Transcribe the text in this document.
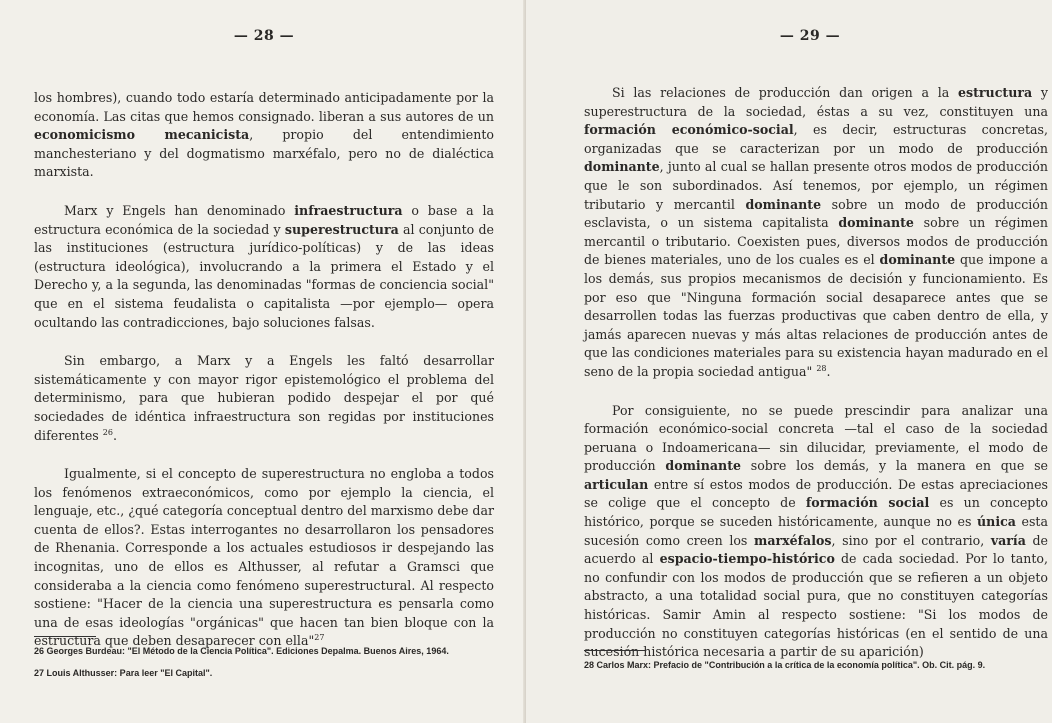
— 28 —

los hombres), cuando todo estaría determinado anticipadamente por la economía. Las citas que hemos consignado. liberan a sus autores de un economicismo mecanicista, propio del entendimiento manchesteriano y del dogmatismo marxéfalo, pero no de dialéctica marxista.

Marx y Engels han denominado infraestructura o base a la estructura económica de la sociedad y superestructura al conjunto de las instituciones (estructura jurídico-políticas) y de las ideas (estructura ideológica), involucrando a la primera el Estado y el Derecho y, a la segunda, las denominadas "formas de conciencia social" que en el sistema feudalista o capitalista —por ejemplo— opera ocultando las contradicciones, bajo soluciones falsas.

Sin embargo, a Marx y a Engels les faltó desarrollar sistemáticamente y con mayor rigor epistemológico el problema del determinismo, para que hubieran podido despejar el por qué sociedades de idéntica infraestructura son regidas por instituciones diferentes $^{26}$.

Igualmente, si el concepto de superestructura no engloba a todos los fenómenos extraeconómicos, como por ejemplo la ciencia, el lenguaje, etc., ¿qué categoría conceptual dentro del marxismo debe dar cuenta de ellos?. Estas interrogantes no desarrollaron los pensadores de Rhenania. Corresponde a los actuales estudiosos ir despejando las incognitas, uno de ellos es Althusser, al refutar a Gramsci que consideraba a la ciencia como fenómeno superestructural. Al respecto sostiene: "Hacer de la ciencia una superestructura es pensarla como una de esas ideologías "orgánicas" que hacen tan bien bloque con la estructura que deben desaparecer con ella"$^{27}$

26 Georges Burdeau: "El Método de la Ciencia Política". Ediciones Depalma. Buenos Aires, 1964.

27 Louis Althusser: Para leer "El Capital".

— 29 —

Si las relaciones de producción dan origen a la estructura y superestructura de la sociedad, éstas a su vez, constituyen una formación económico-social, es decir, estructuras concretas, organizadas que se caracterizan por un modo de producción dominante, junto al cual se hallan presente otros modos de producción que le son subordinados. Así tenemos, por ejemplo, un régimen tributario y mercantil dominante sobre un modo de producción esclavista, o un sistema capitalista dominante sobre un régimen mercantil o tributario. Coexisten pues, diversos modos de producción de bienes materiales, uno de los cuales es el dominante que impone a los demás, sus propios mecanismos de decisión y funcionamiento. Es por eso que "Ninguna formación social desaparece antes que se desarrollen todas las fuerzas productivas que caben dentro de ella, y jamás aparecen nuevas y más altas relaciones de producción antes de que las condiciones materiales para su existencia hayan madurado en el seno de la propia sociedad antigua" $^{28}$.

Por consiguiente, no se puede prescindir para analizar una formación económico-social concreta —tal el caso de la sociedad peruana o Indoamericana— sin dilucidar, previamente, el modo de producción dominante sobre los demás, y la manera en que se articulan entre sí estos modos de producción. De estas apreciaciones se colige que el concepto de formación social es un concepto histórico, porque se suceden históricamente, aunque no es única esta sucesión como creen los marxéfalos, sino por el contrario, varía de acuerdo al espacio-tiempo-histórico de cada sociedad. Por lo tanto, no confundir con los modos de producción que se refieren a un objeto abstracto, a una totalidad social pura, que no constituyen categorías históricas. Samir Amin al respecto sostiene: "Si los modos de producción no constituyen categorías históricas (en el sentido de una sucesión histórica necesaria a partir de su aparición)

28 Carlos Marx: Prefacio de "Contribución a la crítica de la economía política". Ob. Cit. pág. 9.
